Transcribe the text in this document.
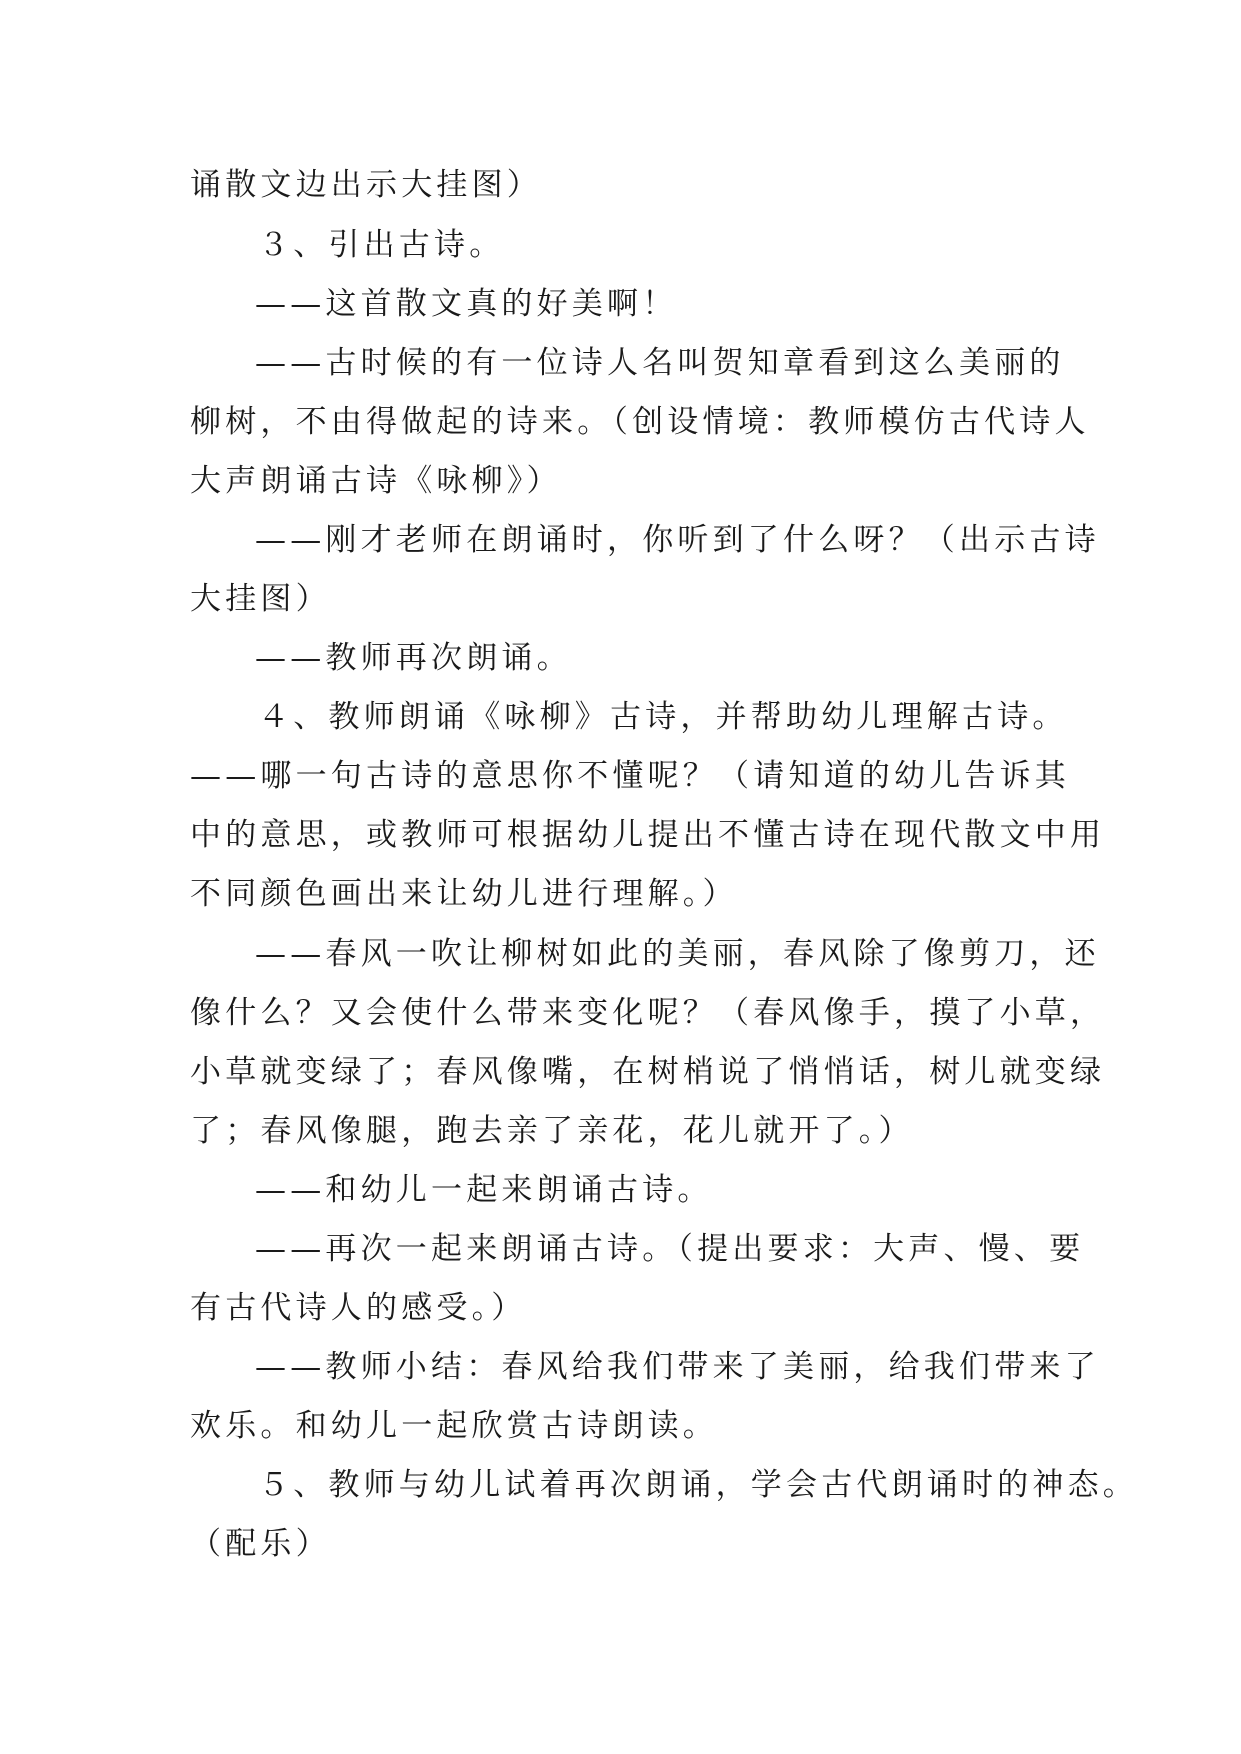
诵散文边出示大挂图）
３、引出古诗。
——这首散文真的好美啊！
——古时候的有一位诗人名叫贺知章看到这么美丽的
柳树，不由得做起的诗来。（创设情境：教师模仿古代诗人
大声朗诵古诗《咏柳》）
——刚才老师在朗诵时，你听到了什么呀？（出示古诗
大挂图）
——教师再次朗诵。
４、教师朗诵《咏柳》古诗，并帮助幼儿理解古诗。
——哪一句古诗的意思你不懂呢？（请知道的幼儿告诉其
中的意思，或教师可根据幼儿提出不懂古诗在现代散文中用
不同颜色画出来让幼儿进行理解。）
——春风一吹让柳树如此的美丽，春风除了像剪刀，还
像什么？又会使什么带来变化呢？（春风像手，摸了小草，
小草就变绿了；春风像嘴，在树梢说了悄悄话，树儿就变绿
了；春风像腿，跑去亲了亲花，花儿就开了。）
——和幼儿一起来朗诵古诗。
——再次一起来朗诵古诗。（提出要求：大声、慢、要
有古代诗人的感受。）
——教师小结：春风给我们带来了美丽，给我们带来了
欢乐。和幼儿一起欣赏古诗朗读。
５、教师与幼儿试着再次朗诵，学会古代朗诵时的神态。
（配乐）
